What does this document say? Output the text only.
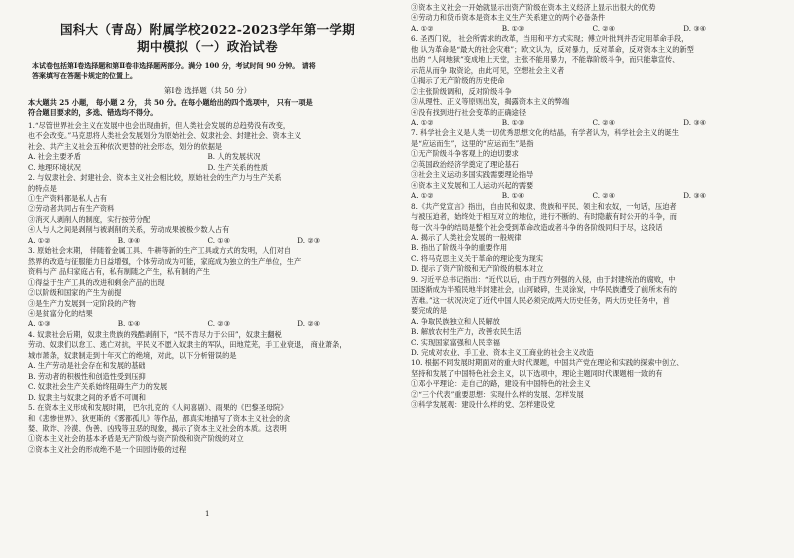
国科大（青岛）附属学校2022-2023学年第一学期

期中模拟（一）政治试卷

本试卷包括第Ⅰ卷选择题和第Ⅱ卷非选择题两部分。满分 100 分，考试时间 90 分钟。 请将
答案填写在答题卡规定的位置上。

第Ⅰ卷 选择题（共 50 分）

本大题共 25 小题， 每小题 2 分， 共 50 分。在每小题给出的四个选项中， 只有一项是
符合题目要求的，多选、错选均不得分。

1.“尽管世界社会主义在发展中也会出现曲折，但人类社会发展的总趋势没有改变，

也不会改变。”马克思将人类社会发展划分为原始社会、奴隶社会、封建社会、资本主义

社会、共产主义社会五种依次更替的社会形态，划分的依据是

A. 社会主要矛盾	B. 人的发展状况
C. 地理环境状况	D. 生产关系的性质

2. 与奴隶社会、封建社会、资本主义社会相比较，原始社会的生产力与生产关系

的特点是

①生产资料都是私人占有

②劳动者共同占有生产资料

③消灭人剥削人的制度，实行按劳分配

④人与人之间是剥削与被剥削的关系，劳动成果被极少数人占有

A. ①②	B. ③④	C. ①④	D. ②③

3. 原始社会末期， 伴随着金属工具、牛耕等新的生产工具或方式的发明，人们对自

然界的改造与征服能力日益增强，个体劳动成为可能，家庭成为独立的生产单位，生产

资料与产 品归家庭占有，私有制随之产生，私有制的产生

①得益于生产工具的改进和剩余产品的出现

②以阶级和国家的产生为前提

③是生产力发展到一定阶段的产物

④是贫富分化的结果

A. ①③	B. ①④	C. ②③	D. ②④

4. 奴隶社会后期，奴隶主贵族的残酷剥削下，“民不肯尽力于公田”，奴隶主翻税

劳动、奴隶们以怠工、逃亡对抗，平民义不愿入奴隶主的军队，田地荒芜，手工业衰退， 商业萧条，

城市萧条，奴隶制走到十年灭亡的绝境，对此，以下分析错误的是

A. 生产劳动是社会存在和发展的基础

B. 劳动者的积极性和创造性受到压抑

C. 奴隶社会生产关系始终阻碍生产力的发展

D. 奴隶主与奴隶之间的矛盾不可调和

5. 在资本主义形成和发展时期， 巴尔扎克的《人间喜剧》、雨果的《巴黎圣母院》

和《悲惨世界》、狄更斯的《雾都孤儿》等作品，都真实地描写了资本主义社会的贪

婪、欺诈、冷漠、伪善、凶残等丑恶的现象，揭示了资本主义社会的本质。这表明

①资本主义社会的基本矛盾是无产阶级与资产阶级和资产阶级的对立

②资本主义社会的形成绝不是一个田园诗般的过程

1

③资本主义社会一开始就显示出资产阶级在资本主义经济上显示出很大的优势

④劳动力和货币资本是资本主义生产关系建立的两个必备条件

A. ①②	B. ①③	C. ②④	D. ③④

6. 圣西门说， 社会所需求的改革，当用和平方式实现；傅立叶批判并否定用革命手段，

他 认为革命是“最大的社会灾难”；欧文认为，反对暴力，反对革命，反对资本主义的新型

出的 “人间地狱”变成地上天堂，主张不能用暴力，不能靠阶级斗争，而只能靠宣传、

示范从而争 取资论，由此可见，空想社会主义者

①揭示了无产阶级的历史使命

②主张阶级调和，反对阶级斗争

③从理性、正义等原则出发，揭露资本主义的弊端

④没有找到进行社会变革的正确途径

A. ①②	B. ①③	C. ②④	D. ③④

7. 科学社会主义是人类一切优秀思想文化的结晶，有学者认为，科学社会主义的诞生

是“应运而生”，这里的“应运而生”是指

①无产阶级斗争客观上的迫切要求

②英国政治经济学奠定了理论基石

③社会主义运动多国实践需要理论指导

④资本主义发展和工人运动兴起的需要

A. ①②	B. ①④	C. ②④	D. ③④

8.《共产党宣言》指出，自由民和奴隶、贵族和平民、领主和农奴，一句话，压迫者

与被压迫者，始终处于相互对立的地位，进行不断的、有时隐蔽有时公开的斗争，而

每一次斗争的结局是整个社会受到革命改造或者斗争的各阶级同归于尽，这段话

A. 揭示了人类社会发展的一般规律

B. 指出了阶级斗争的重要作用

C. 将马克思主义关于革命的理论变为现实

D. 提示了资产阶级和无产阶级的根本对立

9. 习近平总书记指出：“近代以后，由于西方列强的入侵，由于封建统治的腐败，中

国逐渐成为半殖民地半封建社会，山河破碎，生灵涂炭，中华民族遭受了前所未有的

苦难。”这一状况决定了近代中国人民必须完成两大历史任务，两大历史任务中，首

要完成的是

A. 争取民族独立和人民解放

B. 解放农村生产力，改善农民生活

C. 实现国家富强和人民幸福

D. 完成对农业、手工业、资本主义工商业的社会主义改造

10. 根据不同发展时期面对的重大时代课题，中国共产党在理论和实践的探索中创立、

坚持和发展了中国特色社会主义，以下选项中，理论主题同时代课题相一致的有

①邓小平理论：走自己的路，建设有中国特色的社会主义

②“三个代表”重要思想：实现什么样的发展、怎样发展

③科学发展观：建设什么样的党、怎样建设党
